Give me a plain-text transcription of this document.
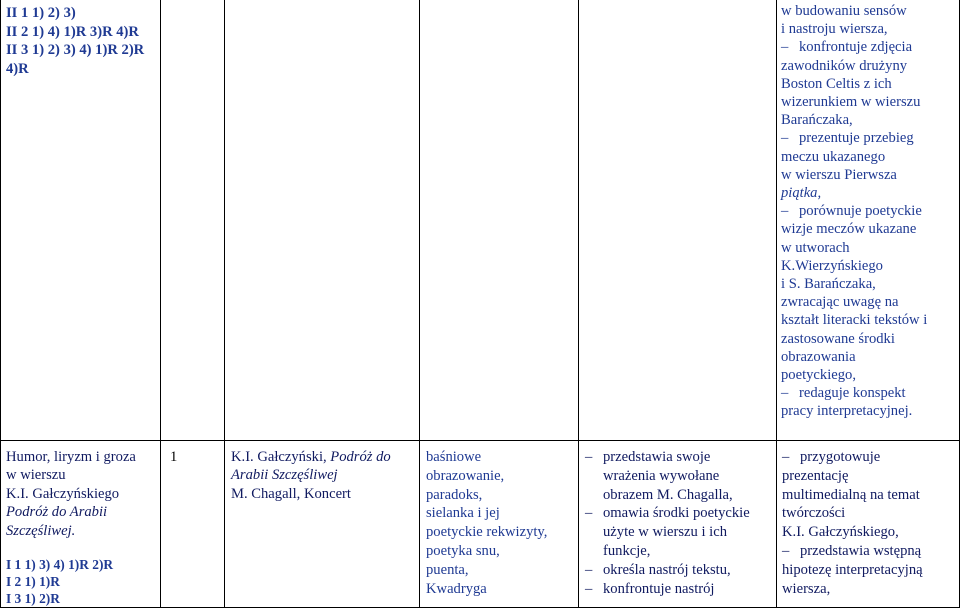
II 1 1) 2) 3)

II 2 1) 4) 1)R 3)R 4)R

II 3 1) 2) 3) 4) 1)R 2)R

4)R

w budowaniu sensów

i nastroju wiersza,

– konfrontuje zdjęcia

zawodników drużyny

Boston Celtis z ich

wizerunkiem w wierszu

Barańczaka,

– prezentuje przebieg

meczu ukazanego

w wierszu Pierwsza

piątka,

– porównuje poetyckie

wizje meczów ukazane

w utworach

K.Wierzyńskiego

i S. Barańczaka,

zwracając uwagę na

kształt literacki tekstów i

zastosowane środki

obrazowania

poetyckiego,

– redaguje konspekt

pracy interpretacyjnej.

Humor, liryzm i groza

w wierszu

K.I. Gałczyńskiego

Podróż do Arabii

Szczęśliwej.

I 1 1) 3) 4) 1)R 2)R

I 2 1) 1)R

I 3 1) 2)R

1	K.I. Gałczyński, Podróż do

Arabii Szczęśliwej

M. Chagall, Koncert

baśniowe

obrazowanie,

paradoks,

sielanka i jej

poetyckie rekwizyty,

poetyka snu,

puenta,

Kwadryga

– przedstawia swoje

wrażenia wywołane

obrazem M. Chagalla,

– omawia środki poetyckie

użyte w wierszu i ich

funkcje,

– określa nastrój tekstu,

– konfrontuje nastrój

– przygotowuje

prezentację

multimedialną na temat

twórczości

K.I. Gałczyńskiego,

– przedstawia wstępną

hipotezę interpretacyjną

wiersza,
